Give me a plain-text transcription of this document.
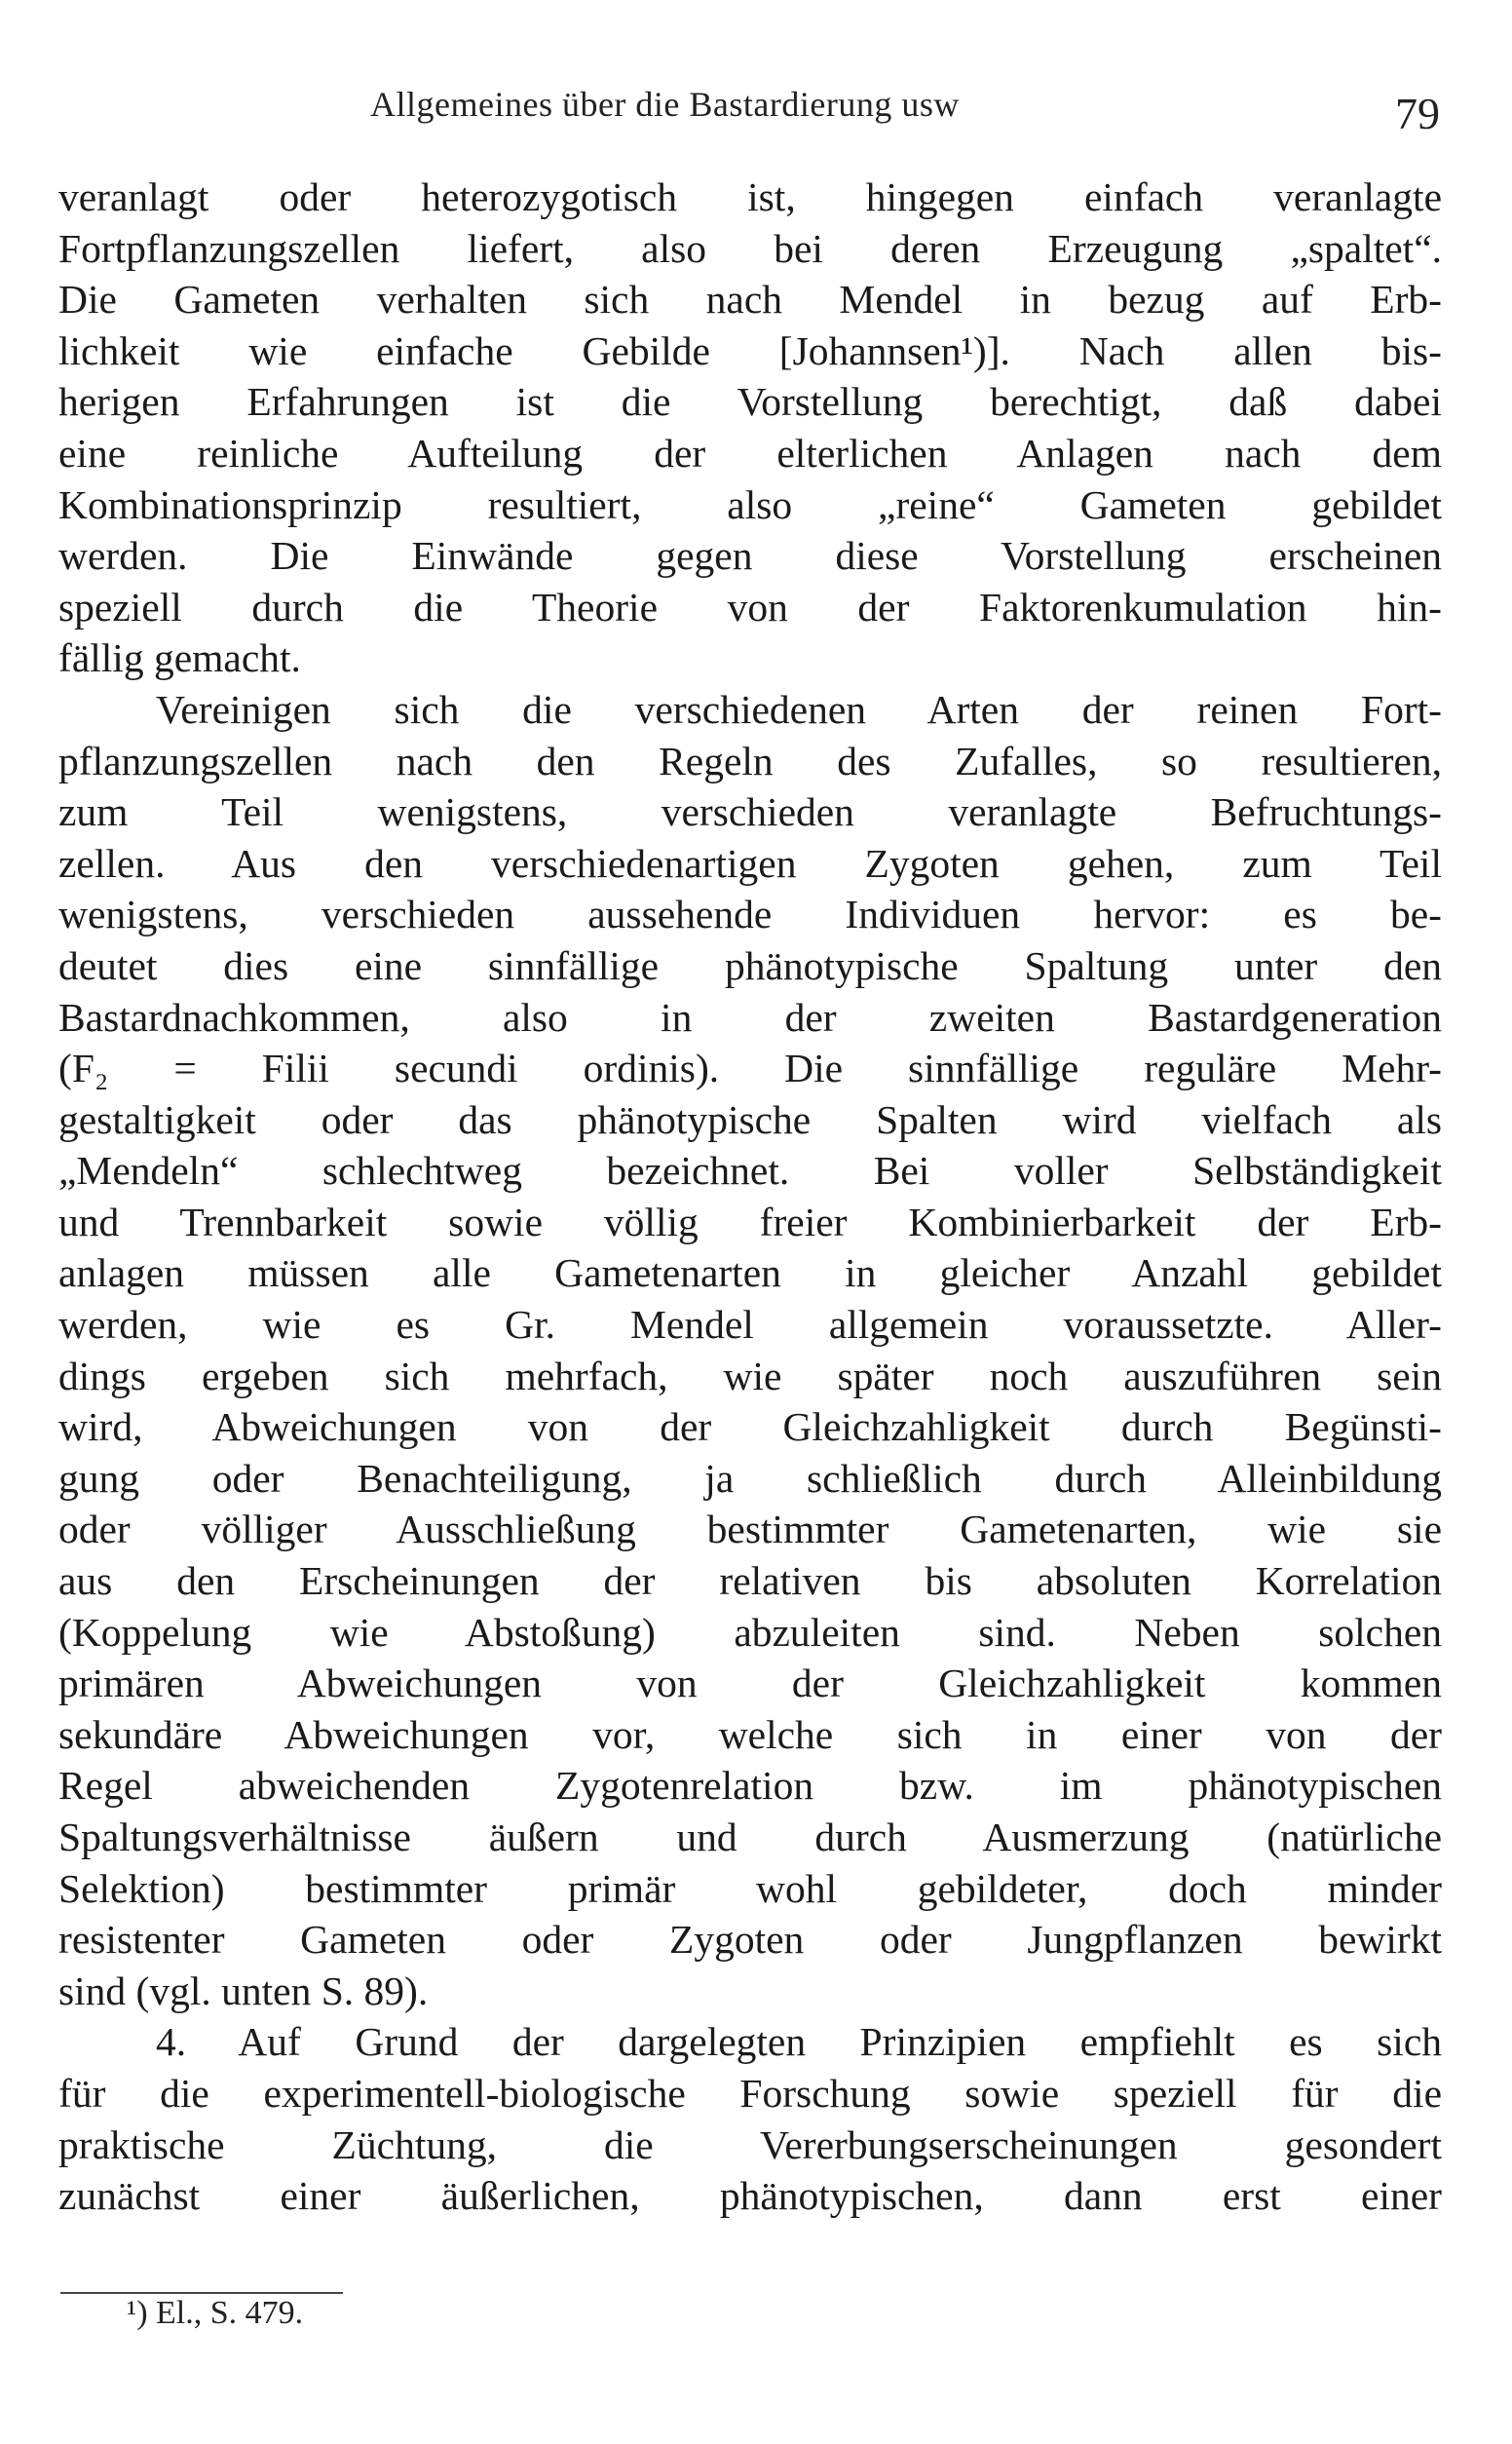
Allgemeines über die Bastardierung usw	79
veranlagt oder heterozygotisch ist, hingegen einfach veranlagte
Fortpflanzungszellen liefert, also bei deren Erzeugung „spaltet“.
Die Gameten verhalten sich nach Mendel in bezug auf Erb-
lichkeit wie einfache Gebilde [Johannsen¹)]. Nach allen bis-
herigen Erfahrungen ist die Vorstellung berechtigt, daß dabei
eine reinliche Aufteilung der elterlichen Anlagen nach dem
Kombinationsprinzip resultiert, also „reine“ Gameten gebildet
werden. Die Einwände gegen diese Vorstellung erscheinen
speziell durch die Theorie von der Faktorenkumulation hin-
fällig gemacht.
Vereinigen sich die verschiedenen Arten der reinen Fort-
pflanzungszellen nach den Regeln des Zufalles, so resultieren,
zum Teil wenigstens, verschieden veranlagte Befruchtungs-
zellen. Aus den verschiedenartigen Zygoten gehen, zum Teil
wenigstens, verschieden aussehende Individuen hervor: es be-
deutet dies eine sinnfällige phänotypische Spaltung unter den
Bastardnachkommen, also in der zweiten Bastardgeneration
(F₂ = Filii secundi ordinis). Die sinnfällige reguläre Mehr-
gestaltigkeit oder das phänotypische Spalten wird vielfach als
„Mendeln“ schlechtweg bezeichnet. Bei voller Selbständigkeit
und Trennbarkeit sowie völlig freier Kombinierbarkeit der Erb-
anlagen müssen alle Gametenarten in gleicher Anzahl gebildet
werden, wie es Gr. Mendel allgemein voraussetzte. Aller-
dings ergeben sich mehrfach, wie später noch auszuführen sein
wird, Abweichungen von der Gleichzahligkeit durch Begünsti-
gung oder Benachteiligung, ja schließlich durch Alleinbildung
oder völliger Ausschließung bestimmter Gametenarten, wie sie
aus den Erscheinungen der relativen bis absoluten Korrelation
(Koppelung wie Abstoßung) abzuleiten sind. Neben solchen
primären Abweichungen von der Gleichzahligkeit kommen
sekundäre Abweichungen vor, welche sich in einer von der
Regel abweichenden Zygotenrelation bzw. im phänotypischen
Spaltungsverhältnisse äußern und durch Ausmerzung (natürliche
Selektion) bestimmter primär wohl gebildeter, doch minder
resistenter Gameten oder Zygoten oder Jungpflanzen bewirkt
sind (vgl. unten S. 89).
4. Auf Grund der dargelegten Prinzipien empfiehlt es sich
für die experimentell-biologische Forschung sowie speziell für die
praktische Züchtung, die Vererbungserscheinungen gesondert
zunächst einer äußerlichen, phänotypischen, dann erst einer
¹) El., S. 479.
